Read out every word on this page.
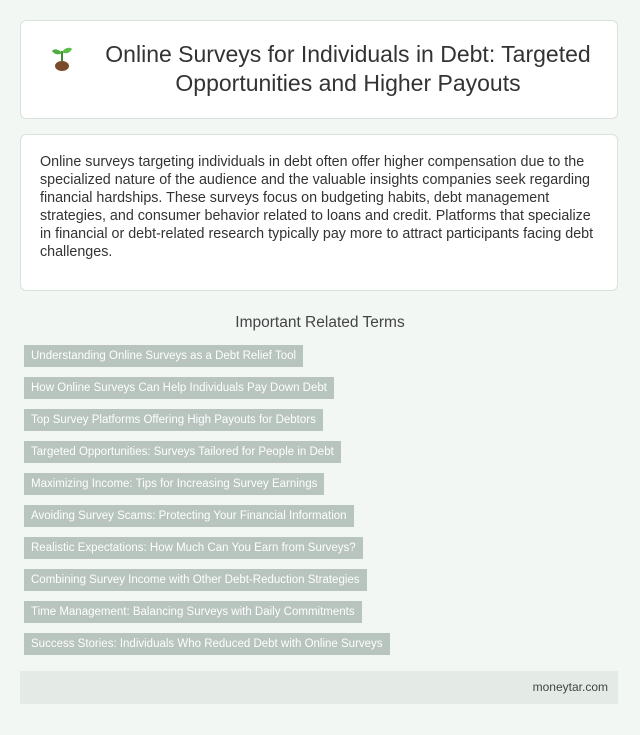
Online Surveys for Individuals in Debt: Targeted Opportunities and Higher Payouts

Online surveys targeting individuals in debt often offer higher compensation due to the specialized nature of the audience and the valuable insights companies seek regarding financial hardships. These surveys focus on budgeting habits, debt management strategies, and consumer behavior related to loans and credit. Platforms that specialize in financial or debt-related research typically pay more to attract participants facing debt challenges.

Important Related Terms
Understanding Online Surveys as a Debt Relief Tool
How Online Surveys Can Help Individuals Pay Down Debt
Top Survey Platforms Offering High Payouts for Debtors
Targeted Opportunities: Surveys Tailored for People in Debt
Maximizing Income: Tips for Increasing Survey Earnings
Avoiding Survey Scams: Protecting Your Financial Information
Realistic Expectations: How Much Can You Earn from Surveys?
Combining Survey Income with Other Debt-Reduction Strategies
Time Management: Balancing Surveys with Daily Commitments
Success Stories: Individuals Who Reduced Debt with Online Surveys
moneytar.com
